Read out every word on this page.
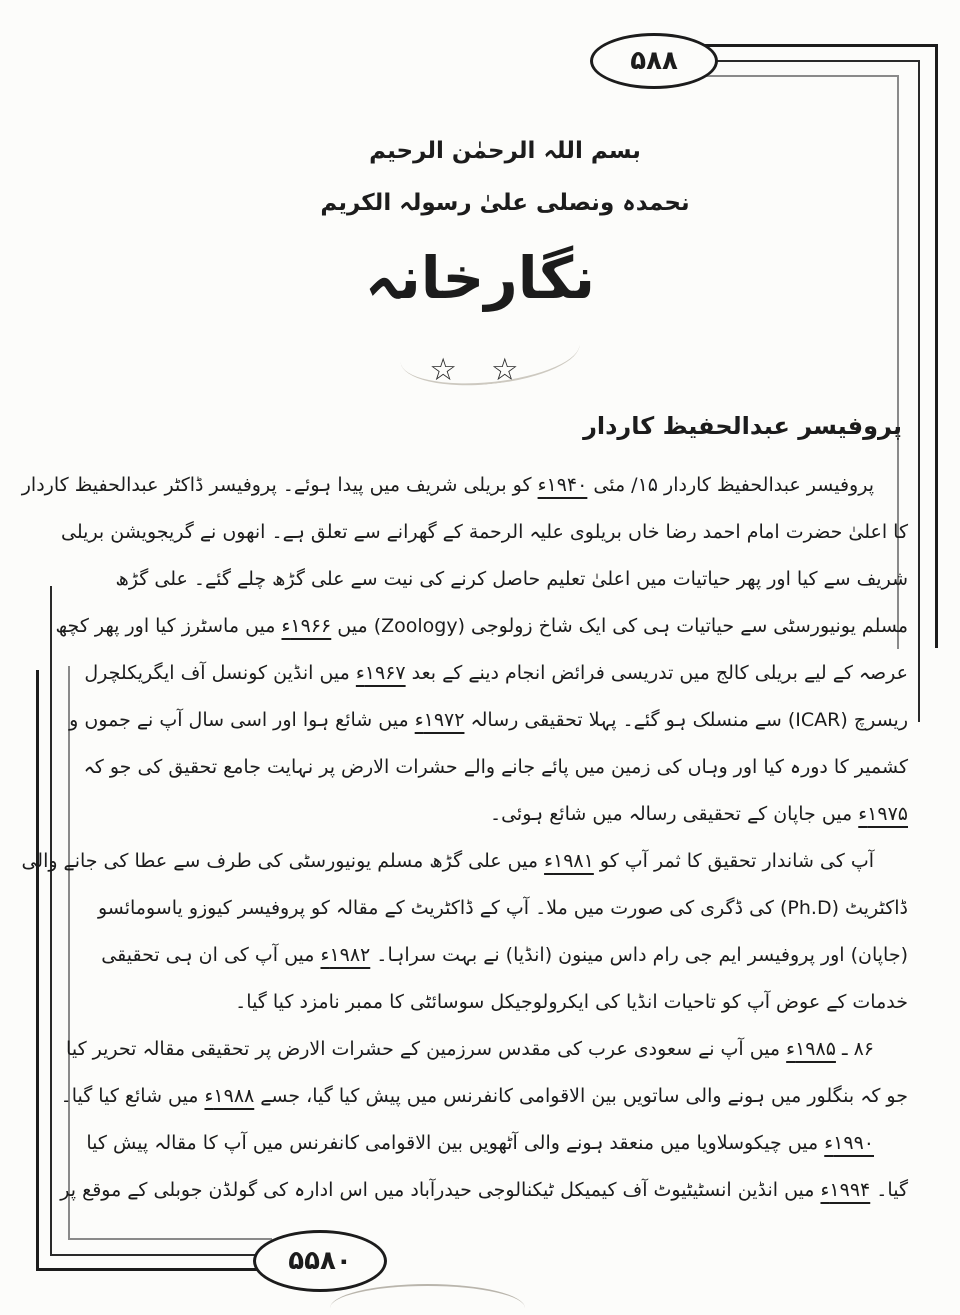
۵۸۸
۵۵۸۰
بسم اللہ الرحمٰن الرحیم
نحمدہ ونصلی علیٰ رسولہ الکریم
نگارخانہ
☆ ☆
پروفیسر عبدالحفیظ کاردار
پروفیسر عبدالحفیظ کاردار ۱۵/ مئی ۱۹۴۰ء کو بریلی شریف میں پیدا ہوئے۔ پروفیسر ڈاکٹر عبدالحفیظ کاردار
کا اعلیٰ حضرت امام احمد رضا خاں بریلوی علیہ الرحمة کے گھرانے سے تعلق ہے۔ انھوں نے گریجویشن بریلی
شریف سے کیا اور پھر حیاتیات میں اعلیٰ تعلیم حاصل کرنے کی نیت سے علی گڑھ چلے گئے۔ علی گڑھ
مسلم یونیورسٹی سے حیاتیات ہی کی ایک شاخ زولوجی (Zoology) میں ۱۹۶۶ء میں ماسٹرز کیا اور پھر کچھ
عرصہ کے لیے بریلی کالج میں تدریسی فرائض انجام دینے کے بعد ۱۹۶۷ء میں انڈین کونسل آف ایگریکلچرل
ریسرچ (ICAR) سے منسلک ہو گئے۔ پہلا تحقیقی رسالہ ۱۹۷۲ء میں شائع ہوا اور اسی سال آپ نے جموں و
کشمیر کا دورہ کیا اور وہاں کی زمین میں پائے جانے والے حشرات الارض پر نہایت جامع تحقیق کی جو کہ
۱۹۷۵ء میں جاپان کے تحقیقی رسالہ میں شائع ہوئی۔
آپ کی شاندار تحقیق کا ثمر آپ کو ۱۹۸۱ء میں علی گڑھ مسلم یونیورسٹی کی طرف سے عطا کی جانے والی
ڈاکٹریٹ (Ph.D) کی ڈگری کی صورت میں ملا۔ آپ کے ڈاکٹریٹ کے مقالہ کو پروفیسر کیوزو یاسومائسو
(جاپان) اور پروفیسر ایم جی رام داس مینون (انڈیا) نے بہت سراہا۔ ۱۹۸۲ء میں آپ کی ان ہی تحقیقی
خدمات کے عوض آپ کو تاحیات انڈیا کی ایکرولوجیکل سوسائٹی کا ممبر نامزد کیا گیا۔
۸۶ ـ ۱۹۸۵ء میں آپ نے سعودی عرب کی مقدس سرزمین کے حشرات الارض پر تحقیقی مقالہ تحریر کیا
جو کہ بنگلور میں ہونے والی ساتویں بین الاقوامی کانفرنس میں پیش کیا گیا، جسے ۱۹۸۸ء میں شائع کیا گیا۔
۱۹۹۰ء میں چیکوسلاویا میں منعقد ہونے والی آٹھویں بین الاقوامی کانفرنس میں آپ کا مقالہ پیش کیا
گیا۔ ۱۹۹۴ء میں انڈین انسٹیٹیوٹ آف کیمیکل ٹیکنالوجی حیدرآباد میں اس ادارہ کی گولڈن جوبلی کے موقع پر
